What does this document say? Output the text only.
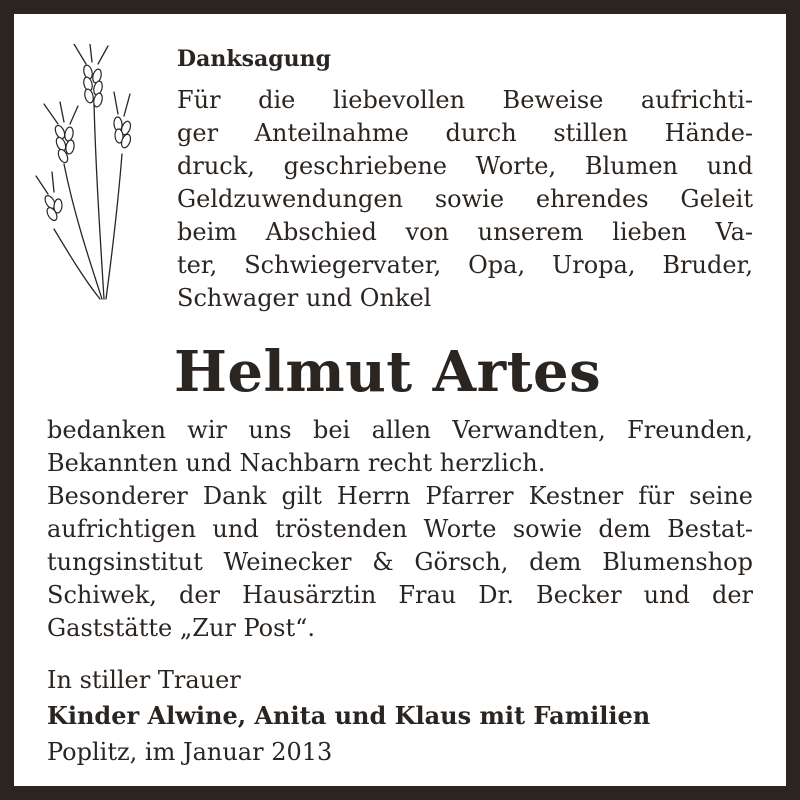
Danksagung
Für die liebevollen Beweise aufrichti-
ger Anteilnahme durch stillen Hände-
druck, geschriebene Worte, Blumen und
Geldzuwendungen sowie ehrendes Geleit
beim Abschied von unserem lieben Va-
ter, Schwiegervater, Opa, Uropa, Bruder,
Schwager und Onkel
Helmut Artes
bedanken wir uns bei allen Verwandten, Freunden,
Bekannten und Nachbarn recht herzlich.
Besonderer Dank gilt Herrn Pfarrer Kestner für seine
aufrichtigen und tröstenden Worte sowie dem Bestat-
tungsinstitut Weinecker & Görsch, dem Blumenshop
Schiwek, der Hausärztin Frau Dr. Becker und der
Gaststätte „Zur Post“.
In stiller Trauer
Kinder Alwine, Anita und Klaus mit Familien
Poplitz, im Januar 2013
